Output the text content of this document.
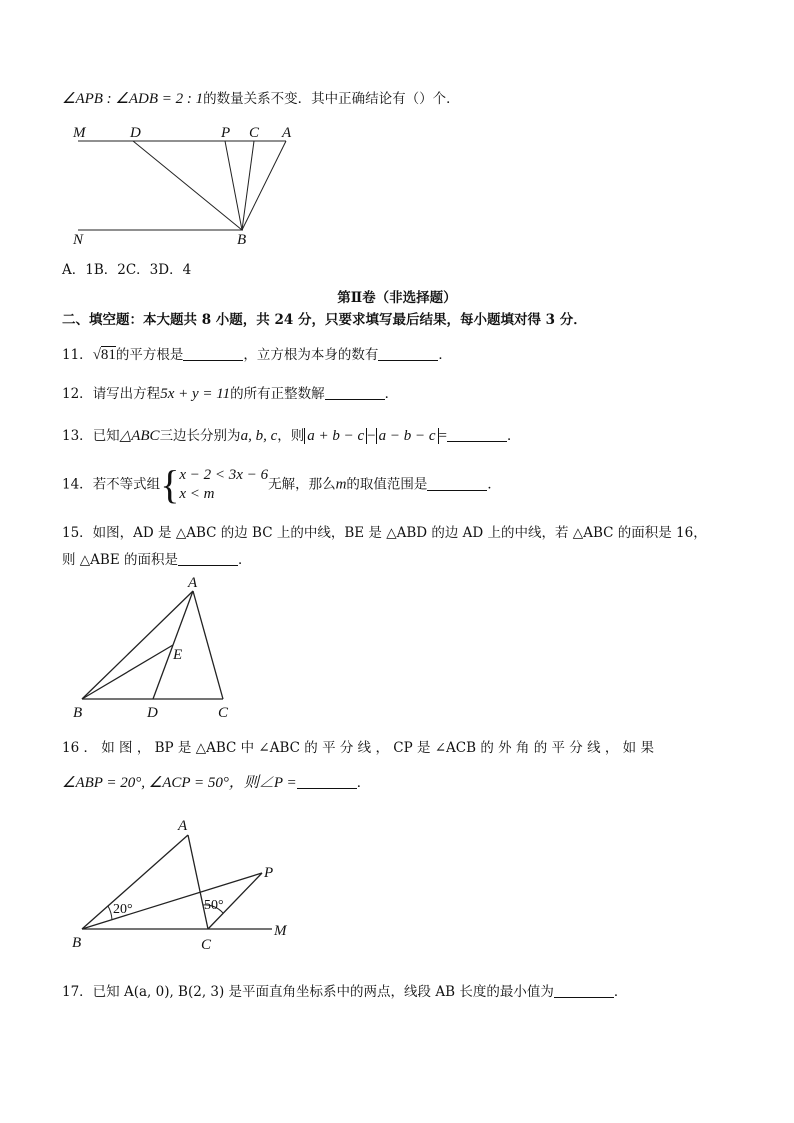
∠APB : ∠ADB = 2 : 1的数量关系不变．其中正确结论有（）个．
M	D	P C A
N	B
A．1B．2C．3D．4
第Ⅱ卷（非选择题）
二、填空题：本大题共 8 小题，共 24 分，只要求填写最后结果，每小题填对得 3 分．
11．√81的平方根是	，立方根为本身的数有	．
12．请写出方程5x + y = 11的所有正整数解	．
13．已知△ABC三边长分别为a, b, c，则 a + b − c − a − b − c =	．
14．若不等式组{ x − 2 < 3x − 6
x < m
无解，那么m的取值范围是	．
15．如图，AD 是 △ABC 的边 BC 上的中线，BE 是 △ABD 的边 AD 上的中线，若 △ABC 的面积是 16，
则 △ABE 的面积是	．
A
E
B	D	C
16 ． 如 图 ， BP 是 △ABC 中 ∠ABC 的 平 分 线 ， CP 是 ∠ACB 的 外 角 的 平 分 线 ， 如 果
∠ABP = 20°, ∠ACP = 50°，则∠P =	．
A
P
B	C
M
20°	50°
17．已知 A(a, 0), B(2, 3) 是平面直角坐标系中的两点，线段 AB 长度的最小值为	．
